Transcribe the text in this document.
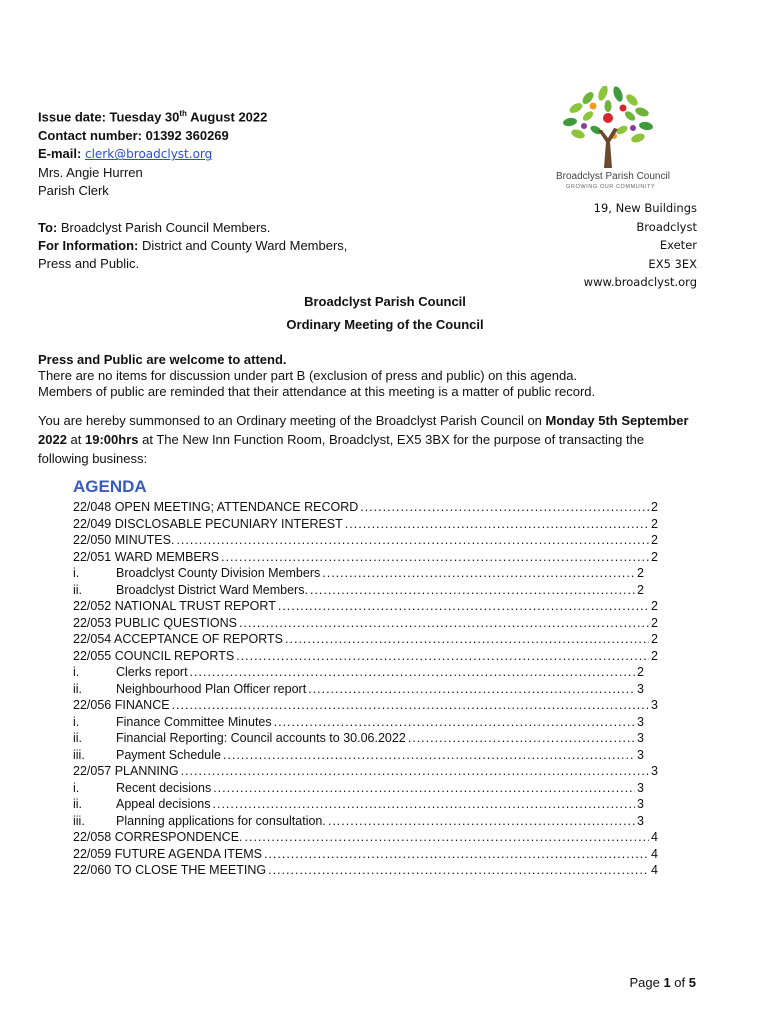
Issue date: Tuesday 30th August 2022
Contact number: 01392 360269
E-mail: clerk@broadclyst.org
Mrs. Angie Hurren
Parish Clerk
Broadclyst Parish Council
GROWING OUR COMMUNITY
19, New Buildings
Broadclyst
Exeter
EX5 3EX
www.broadclyst.org
To: Broadclyst Parish Council Members.
For Information: District and County Ward Members,
Press and Public.
Broadclyst Parish Council
Ordinary Meeting of the Council
Press and Public are welcome to attend.
There are no items for discussion under part B (exclusion of press and public) on this agenda.
Members of public are reminded that their attendance at this meeting is a matter of public record.
You are hereby summonsed to an Ordinary meeting of the Broadclyst Parish Council on Monday 5th September 2022 at 19:00hrs at The New Inn Function Room, Broadclyst, EX5 3BX for the purpose of transacting the following business:
AGENDA
22/048 OPEN MEETING; ATTENDANCE RECORD .....	2
22/049 DISCLOSABLE PECUNIARY INTEREST .....	2
22/050 MINUTES. .....	2
22/051 WARD MEMBERS .....	2
i.	Broadclyst County Division Members .....	2
ii.	Broadclyst District Ward Members. .....	2
22/052 NATIONAL TRUST REPORT .....	2
22/053 PUBLIC QUESTIONS .....	2
22/054 ACCEPTANCE OF REPORTS .....	2
22/055 COUNCIL REPORTS .....	2
i.	Clerks report .....	2
ii.	Neighbourhood Plan Officer report .....	3
22/056 FINANCE .....	3
i.	Finance Committee Minutes .....	3
ii.	Financial Reporting: Council accounts to 30.06.2022 .....	3
iii.	Payment Schedule .....	3
22/057 PLANNING .....	3
i.	Recent decisions .....	3
ii.	Appeal decisions .....	3
iii.	Planning applications for consultation. .....	3
22/058 CORRESPONDENCE. .....	4
22/059 FUTURE AGENDA ITEMS .....	4
22/060 TO CLOSE THE MEETING .....	4
Page 1 of 5
